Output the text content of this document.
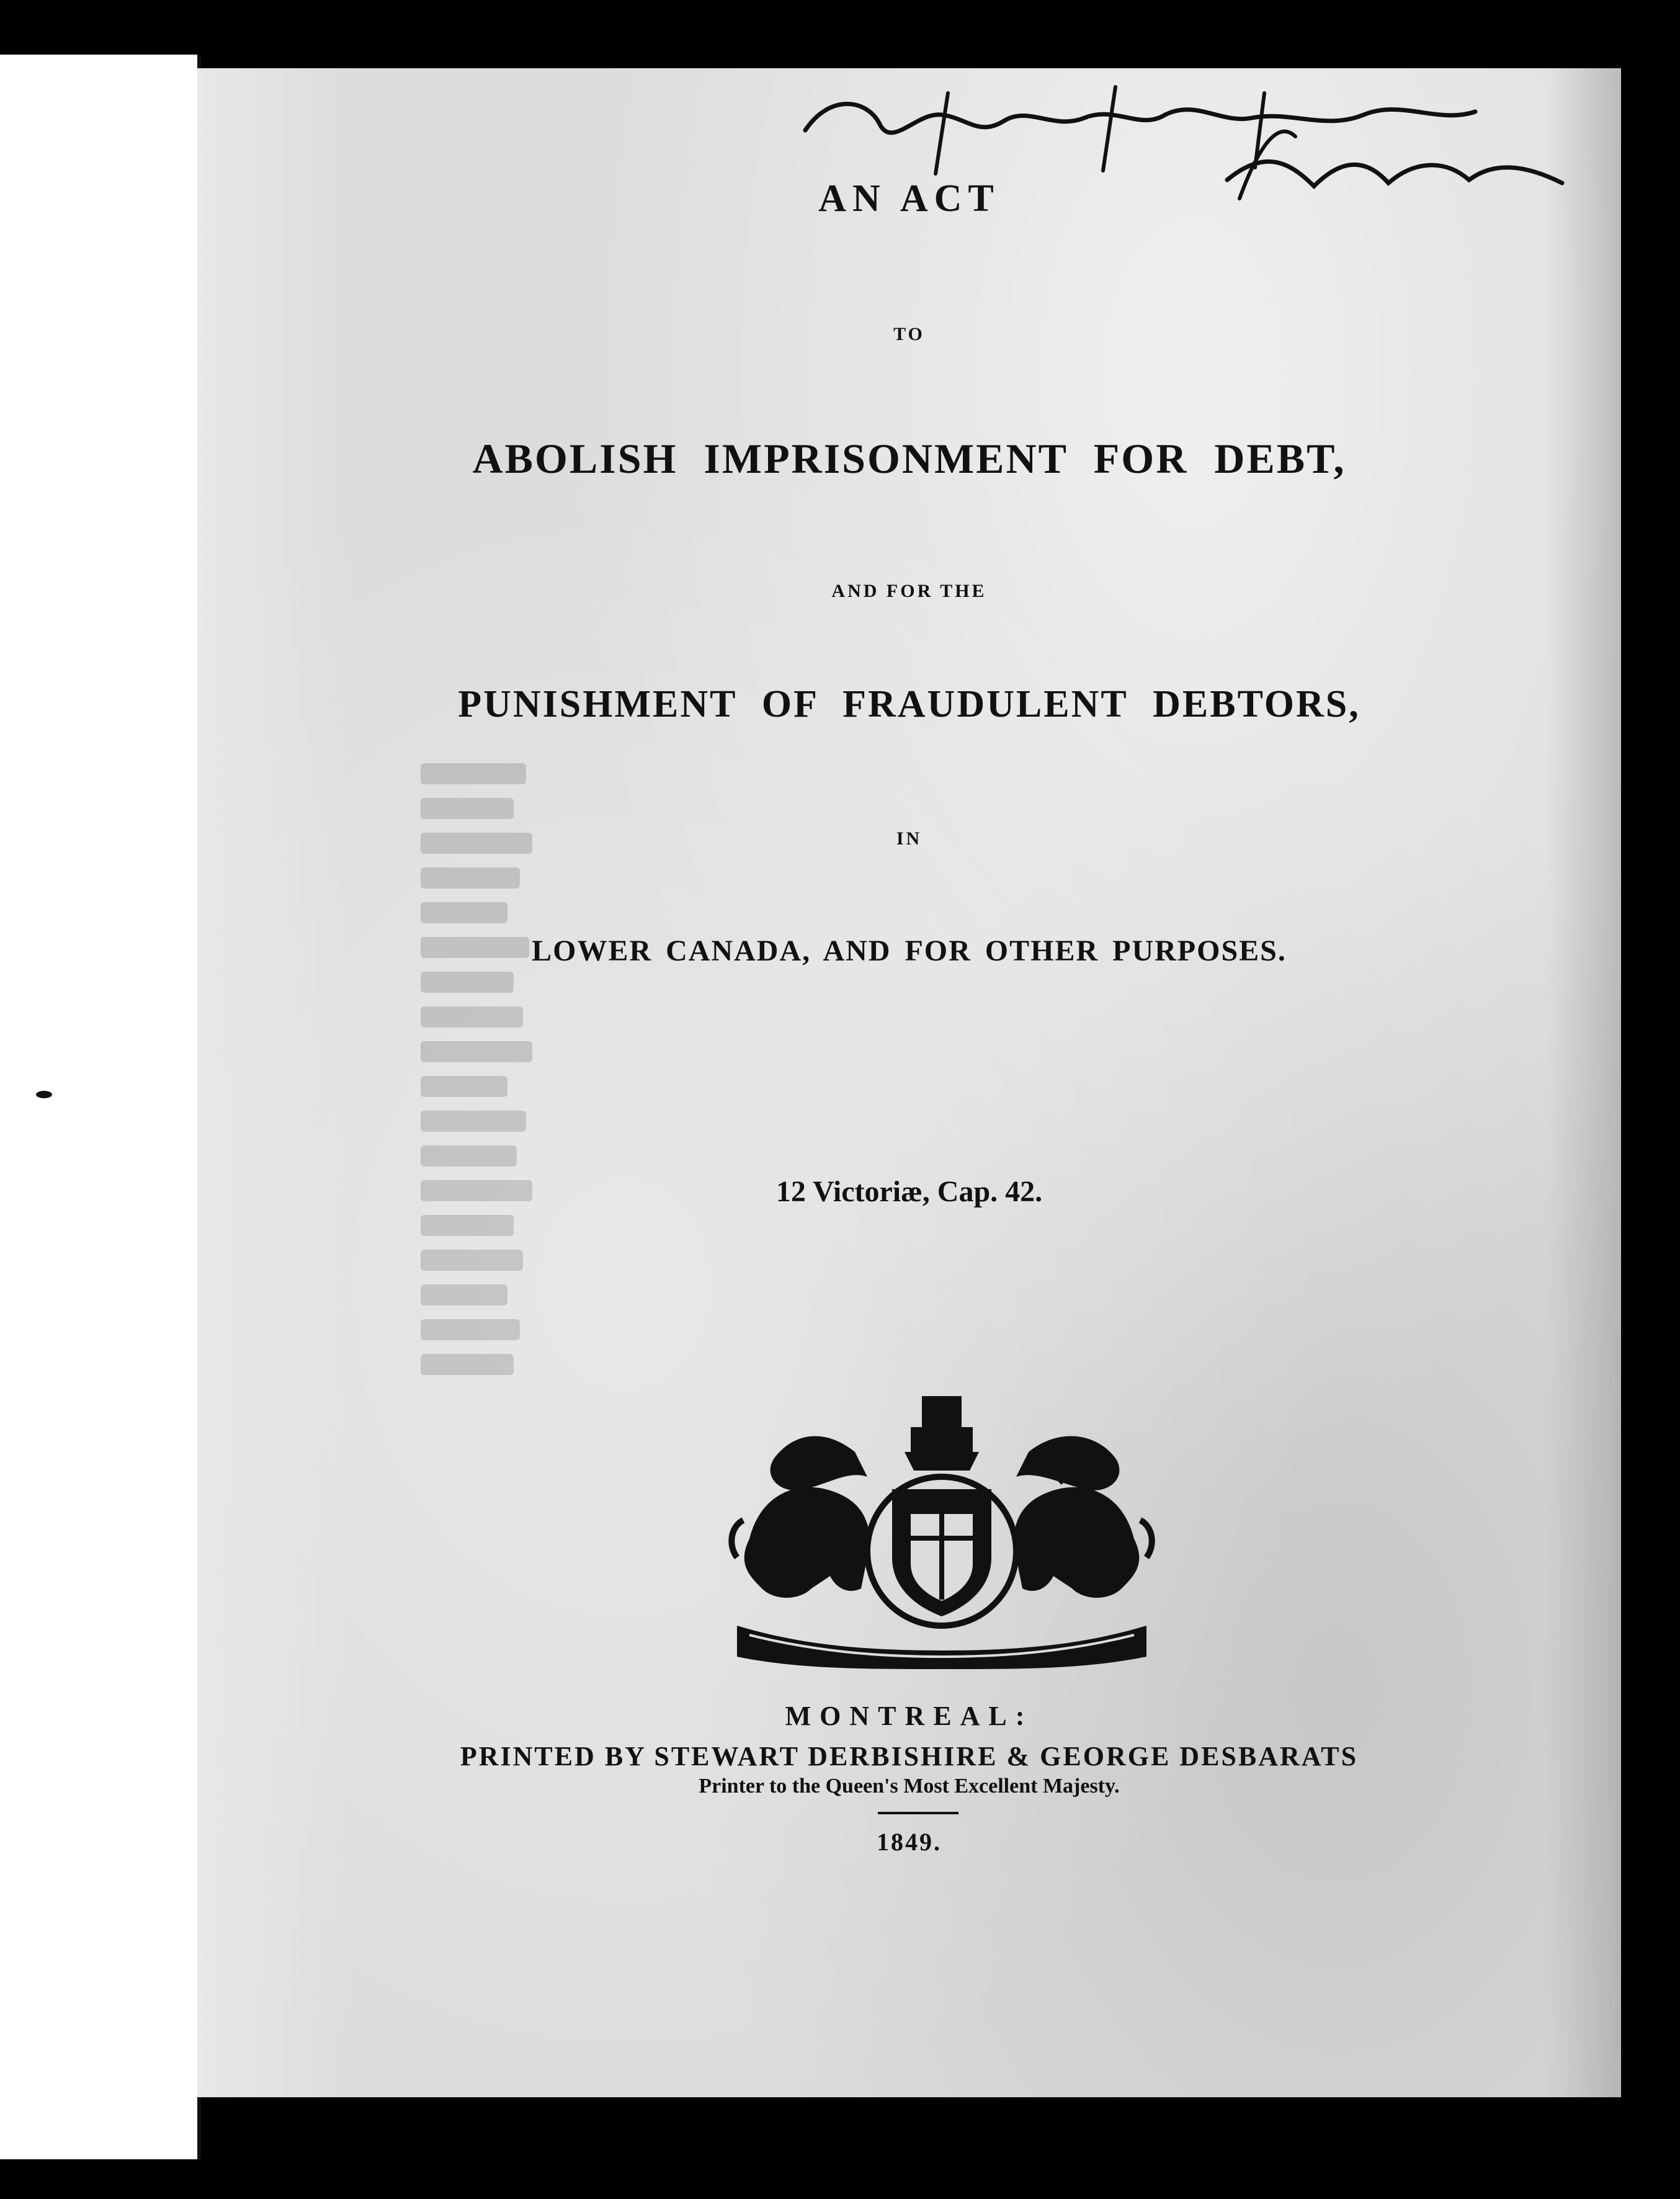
AN ACT
TO
ABOLISH IMPRISONMENT FOR DEBT,
AND FOR THE
PUNISHMENT OF FRAUDULENT DEBTORS,
IN
LOWER CANADA, AND FOR OTHER PURPOSES.
12 Victoriæ, Cap. 42.
MONTREAL:
PRINTED BY STEWART DERBISHIRE & GEORGE DESBARATS
Printer to the Queen's Most Excellent Majesty.
1849.
